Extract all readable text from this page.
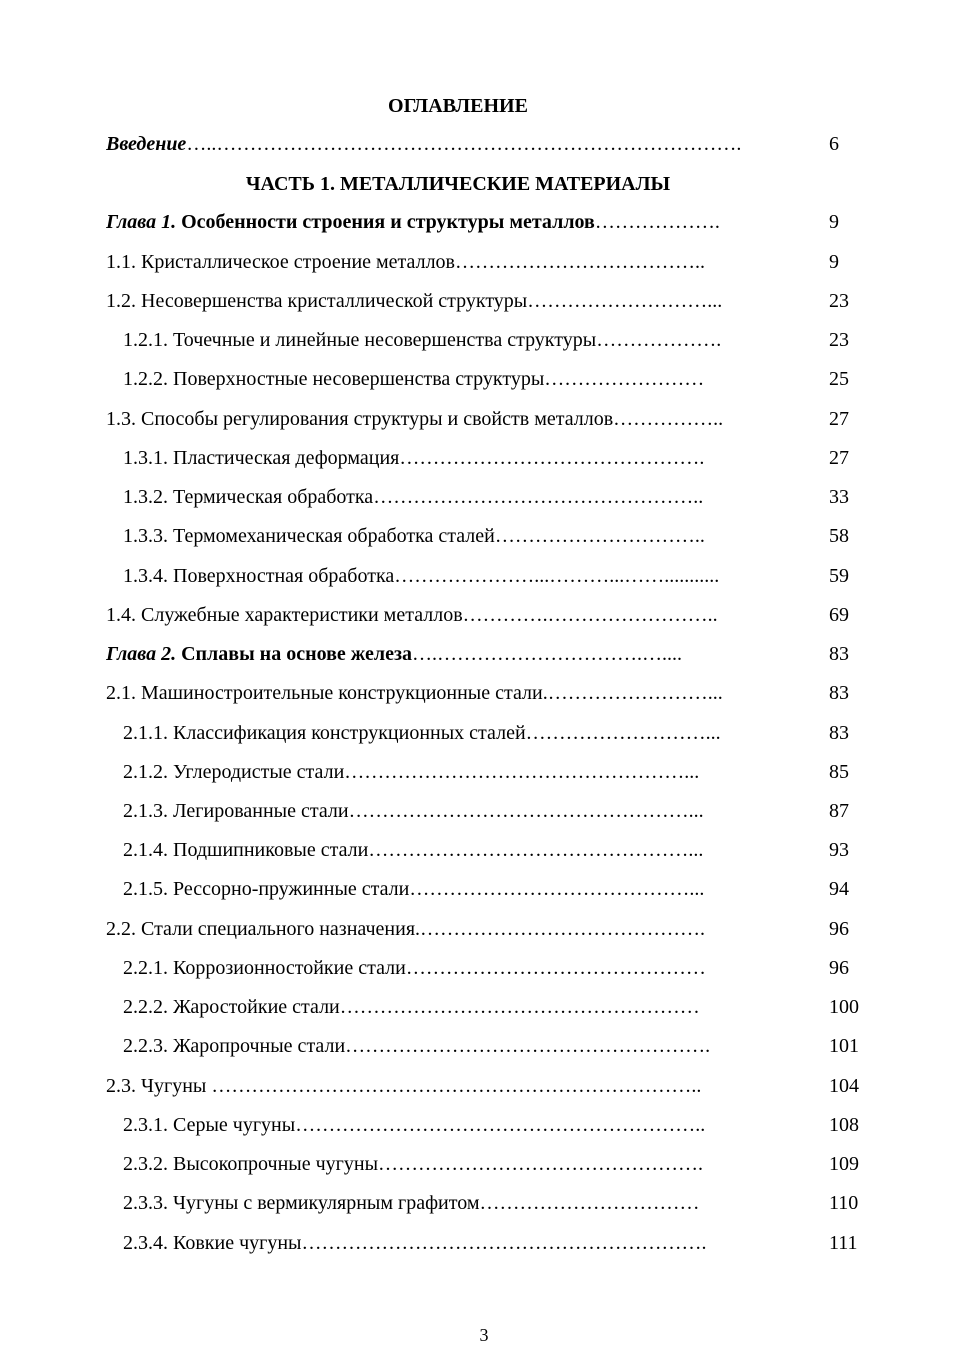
ОГЛАВЛЕНИЕ
ЧАСТЬ 1. МЕТАЛЛИЧЕСКИЕ МАТЕРИАЛЫ
Введение…..…………………………………………………………………….	6
Глава 1. Особенности строения и структуры металлов……………….	9
1.1. Кристаллическое строение металлов………………………………..	9
1.2. Несовершенства кристаллической структуры………………………...	23
1.2.1. Точечные и линейные несовершенства структуры……………….	23
1.2.2. Поверхностные несовершенства структуры……………………	25
1.3. Способы регулирования структуры и свойств металлов……………..	27
1.3.1. Пластическая деформация……………………………………….	27
1.3.2. Термическая обработка…………………………………………..	33
1.3.3. Термомеханическая обработка сталей…………………………..	58
1.3.4. Поверхностная обработка…………………...………...……...........	59
1.4. Служебные характеристики металлов………….……………………..	69
Глава 2. Сплавы на основе железа….………………………….…....	83
2.1. Машиностроительные конструкционные стали.……………………...	83
2.1.1. Классификация конструкционных сталей………………………...	83
2.1.2. Углеродистые стали……………………………………………...	85
2.1.3. Легированные стали……………………………………………...	87
2.1.4. Подшипниковые стали…………………………………………...	93
2.1.5. Рессорно-пружинные стали……………………………………...	94
2.2. Стали специального назначения.…………………………………….	96
2.2.1. Коррозионностойкие стали………………………………………	96
2.2.2. Жаростойкие стали………………………………………………	100
2.2.3. Жаропрочные стали……………………………………………….	101
2.3. Чугуны ………………………………………………………………..	104
2.3.1. Серые чугуны……………………………………………………..	108
2.3.2. Высокопрочные чугуны………………………………………….	109
2.3.3. Чугуны с вермикулярным графитом……………………………	110
2.3.4. Ковкие чугуны…………………………………………………….	111
3
